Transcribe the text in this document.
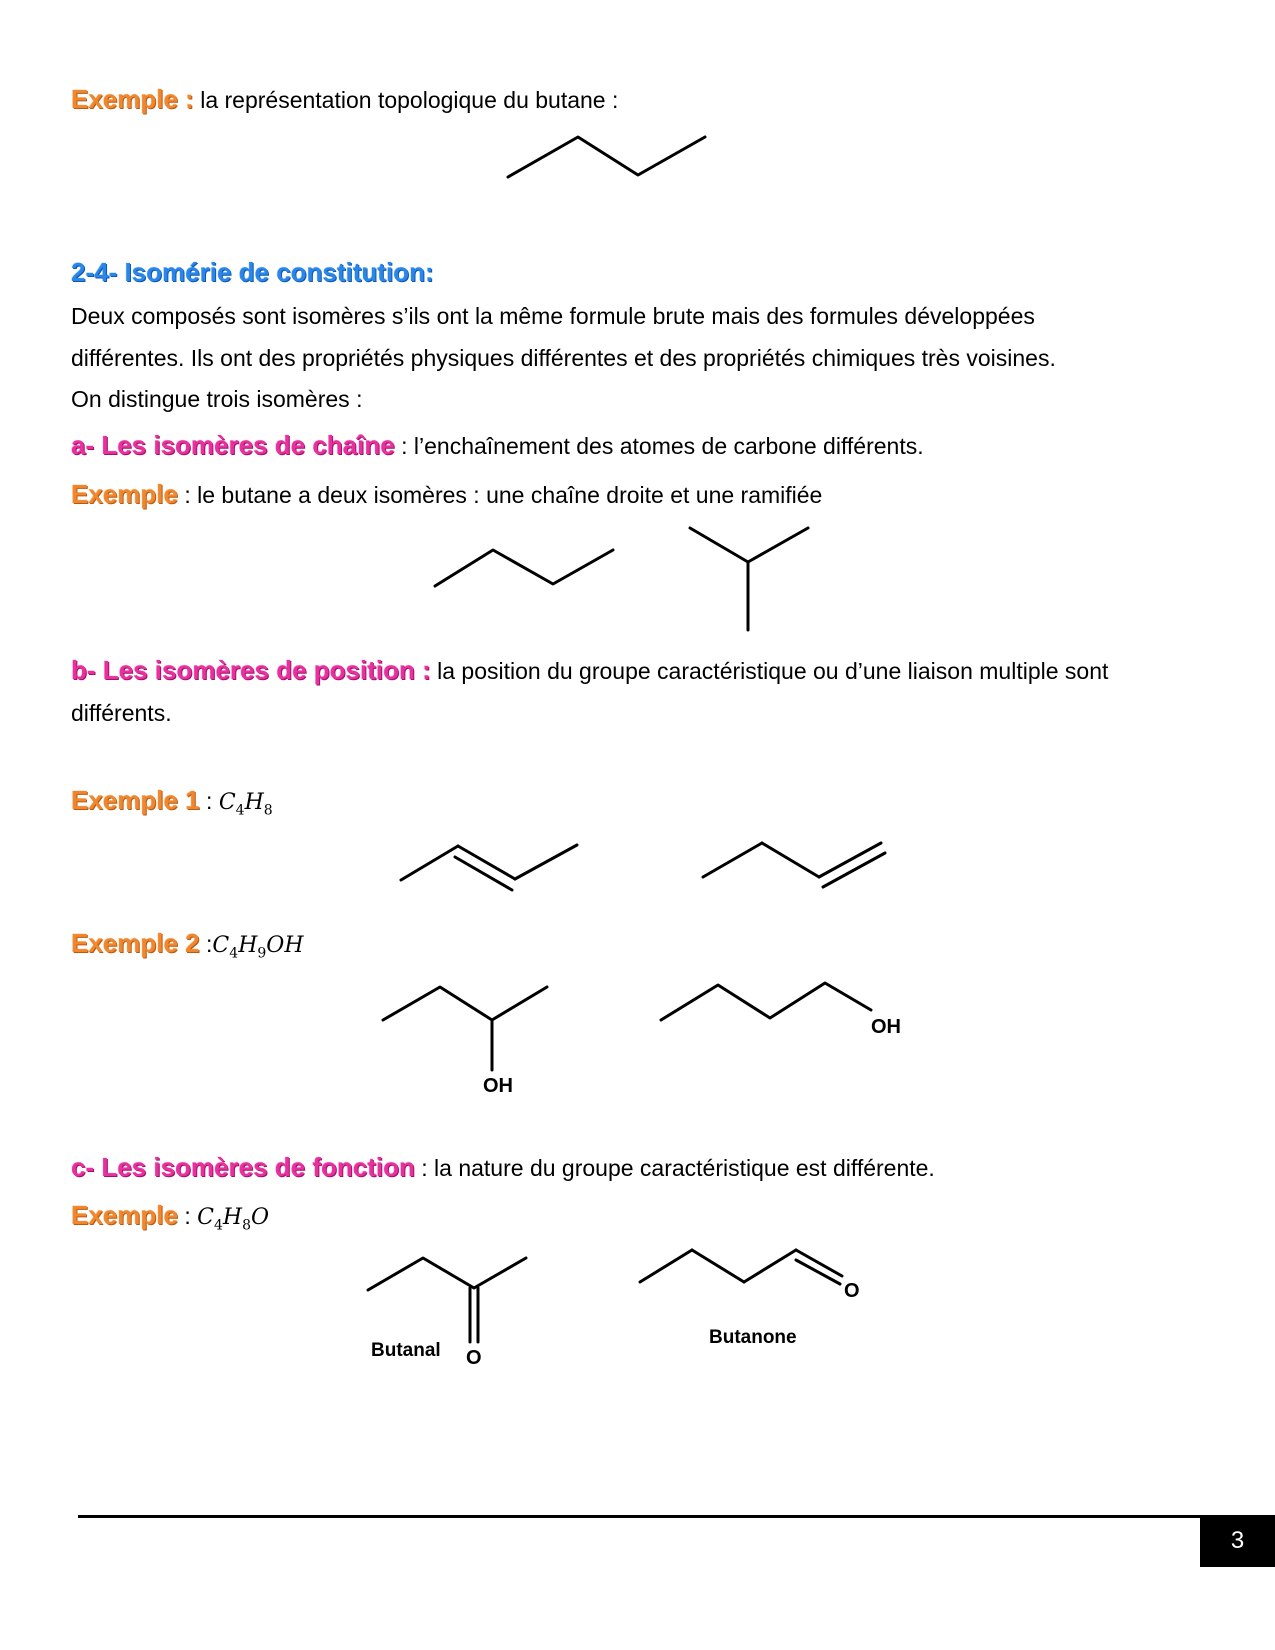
Exemple : la représentation topologique du butane :
2-4- Isomérie de constitution:
Deux composés sont isomères s’ils ont la même formule brute mais des formules développées
différentes. Ils ont des propriétés physiques différentes et des propriétés chimiques très voisines.
On distingue trois isomères :
a- Les isomères de chaîne : l’enchaînement des atomes de carbone différents.
Exemple : le butane a deux isomères : une chaîne droite et une ramifiée
b- Les isomères de position : la position du groupe caractéristique ou d’une liaison multiple sont
différents.
Exemple 1 : $C_4H_8$
Exemple 2 $:C_4H_9OH$
OH
OH
c- Les isomères de fonction : la nature du groupe caractéristique est différente.
Exemple : $C_4H_8O$
O
Butanal
O
Butanone
3
